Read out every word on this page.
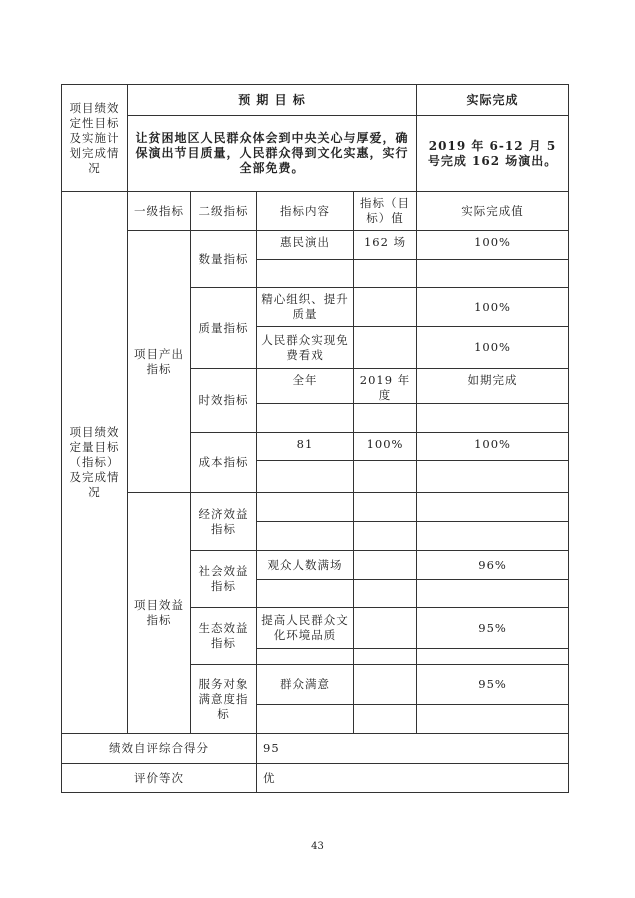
项目绩效定性目标及实施计划完成情况	预 期 目 标				实际完成
	让贫困地区人民群众体会到中央关心与厚爱，确保演出节目质量，人民群众得到文化实惠，实行全部免费。				2019 年 6-12 月 5 号完成 162 场演出。
项目绩效定量目标（指标）及完成情况	一级指标	二级指标	指标内容	指标（目标）值	实际完成值
	项目产出指标	数量指标	惠民演出	162 场	100%

		质量指标	精心组织、提升质量		100%
			人民群众实现免费看戏		100%
		时效指标	全年	2019 年度	如期完成

		成本指标	81	100%	100%

	项目效益指标	经济效益指标			

		社会效益指标	观众人数满场		96%

		生态效益指标	提高人民群众文化环境品质		95%

		服务对象满意度指标	群众满意		95%

绩效自评综合得分			95		
评价等次			优		
43
